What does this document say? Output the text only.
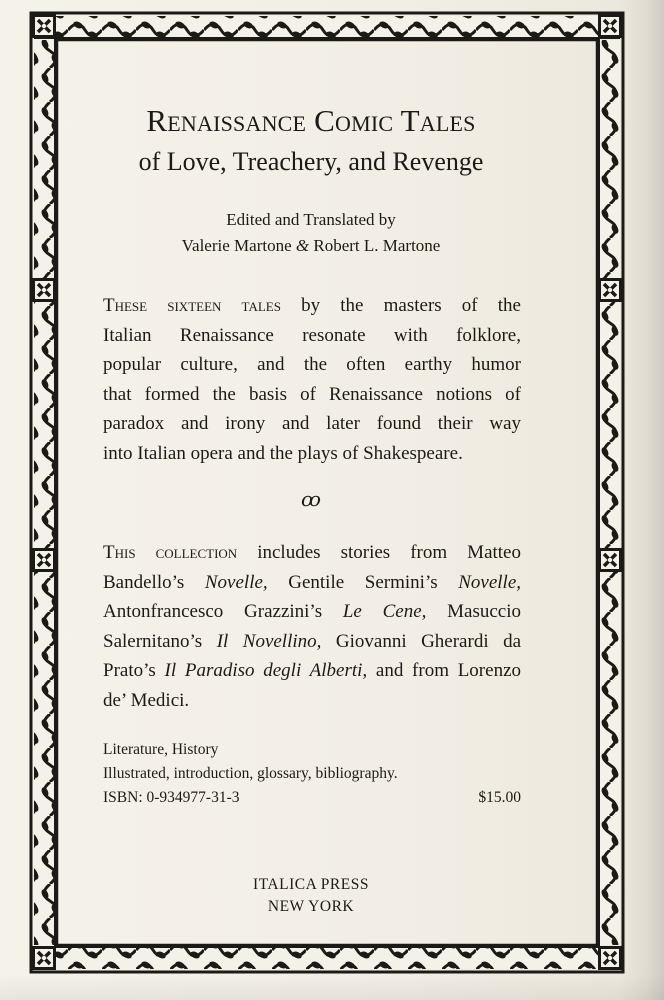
Renaissance Comic Tales
of Love, Treachery, and Revenge
Edited and Translated by
Valerie Martone & Robert L. Martone
These sixteen tales by the masters of the
Italian Renaissance resonate with folklore,
popular culture, and the often earthy humor
that formed the basis of Renaissance notions of
paradox and irony and later found their way
into Italian opera and the plays of Shakespeare.
ꝏ
This collection includes stories from Matteo
Bandello’s Novelle, Gentile Sermini’s Novelle,
Antonfrancesco Grazzini’s Le Cene, Masuccio
Salernitano’s Il Novellino, Giovanni Gherardi da
Prato’s Il Paradiso degli Alberti, and from Lorenzo
de’ Medici.
Literature, History
Illustrated, introduction, glossary, bibliography.
ISBN: 0-934977-31-3	$15.00
ITALICA PRESS
NEW YORK
